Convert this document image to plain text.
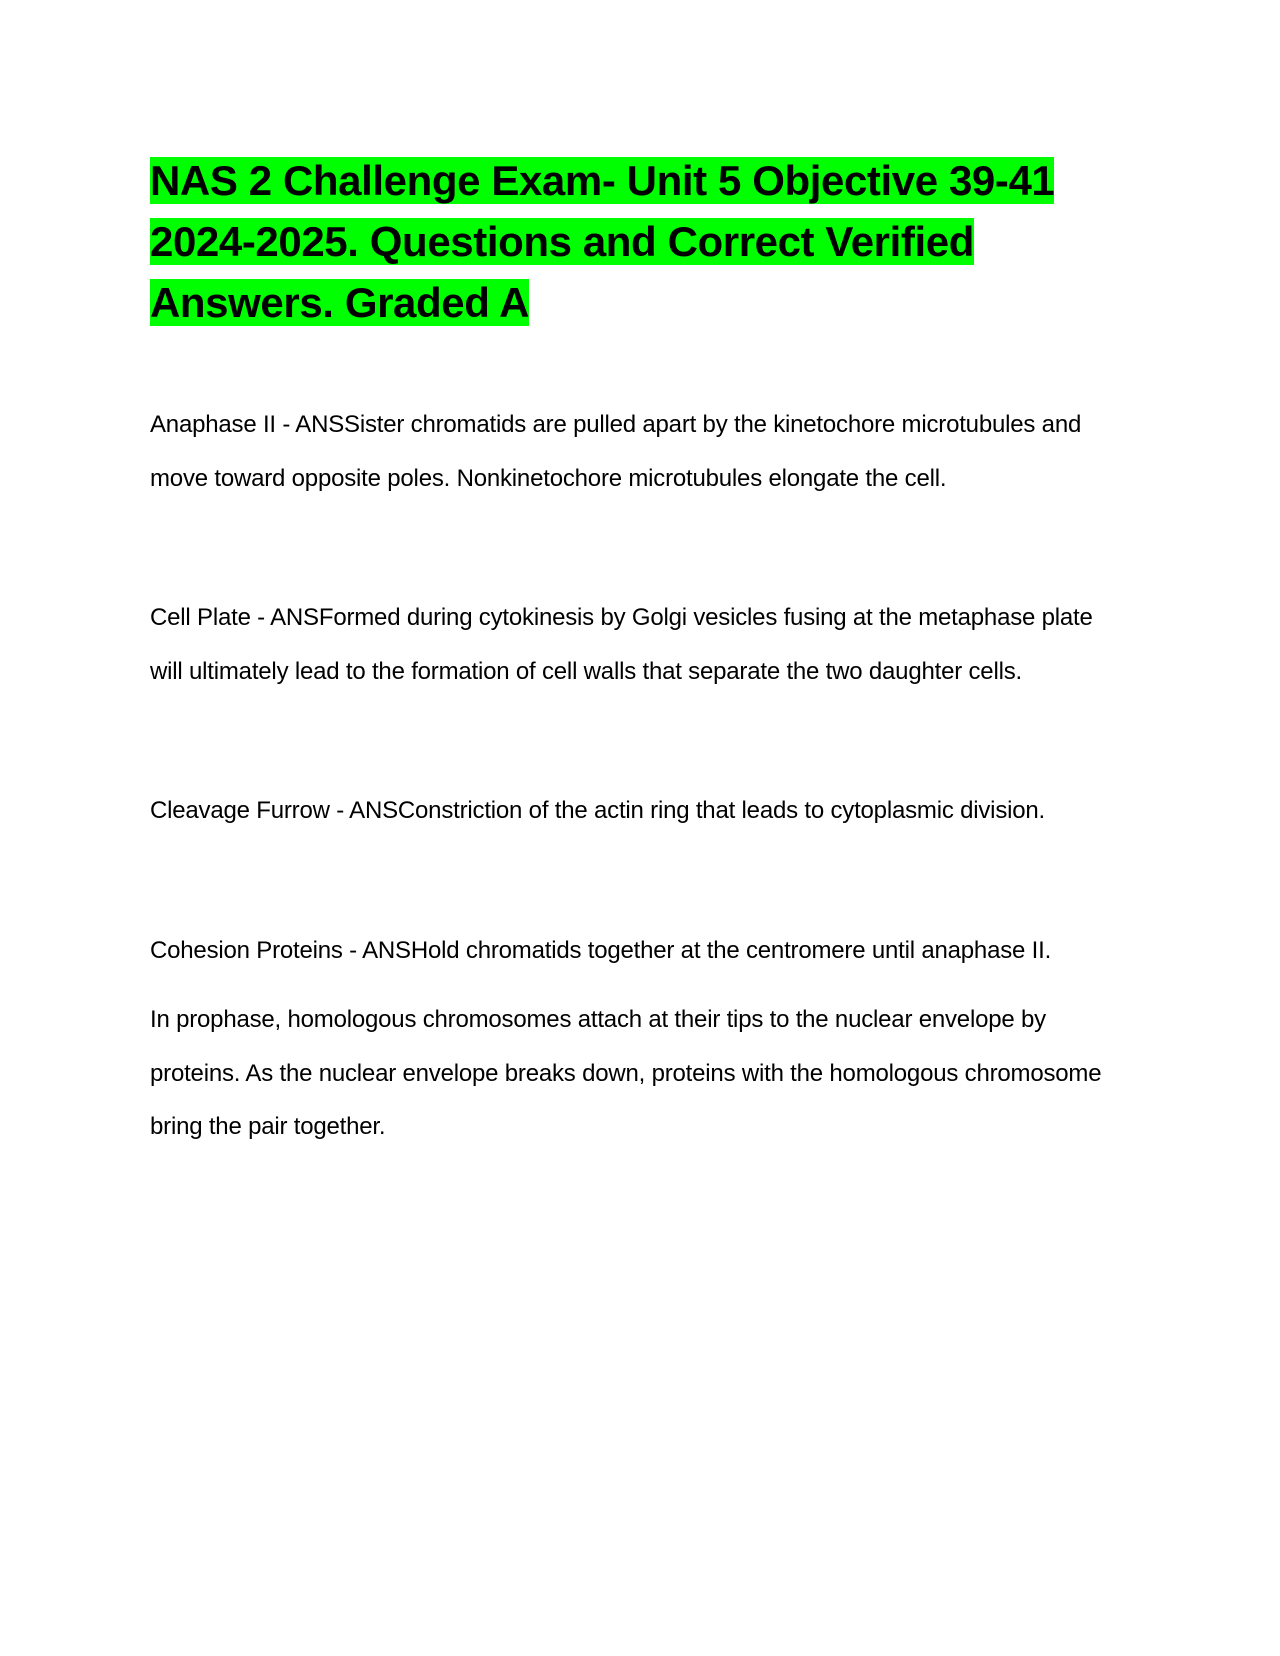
NAS 2 Challenge Exam- Unit 5 Objective 39-41 2024-2025. Questions and Correct Verified Answers. Graded A

Anaphase II - ANSSister chromatids are pulled apart by the kinetochore microtubules and move toward opposite poles. Nonkinetochore microtubules elongate the cell.

Cell Plate - ANSFormed during cytokinesis by Golgi vesicles fusing at the metaphase plate will ultimately lead to the formation of cell walls that separate the two daughter cells.

Cleavage Furrow - ANSConstriction of the actin ring that leads to cytoplasmic division.

Cohesion Proteins - ANSHold chromatids together at the centromere until anaphase II.

In prophase, homologous chromosomes attach at their tips to the nuclear envelope by proteins. As the nuclear envelope breaks down, proteins with the homologous chromosome bring the pair together.
